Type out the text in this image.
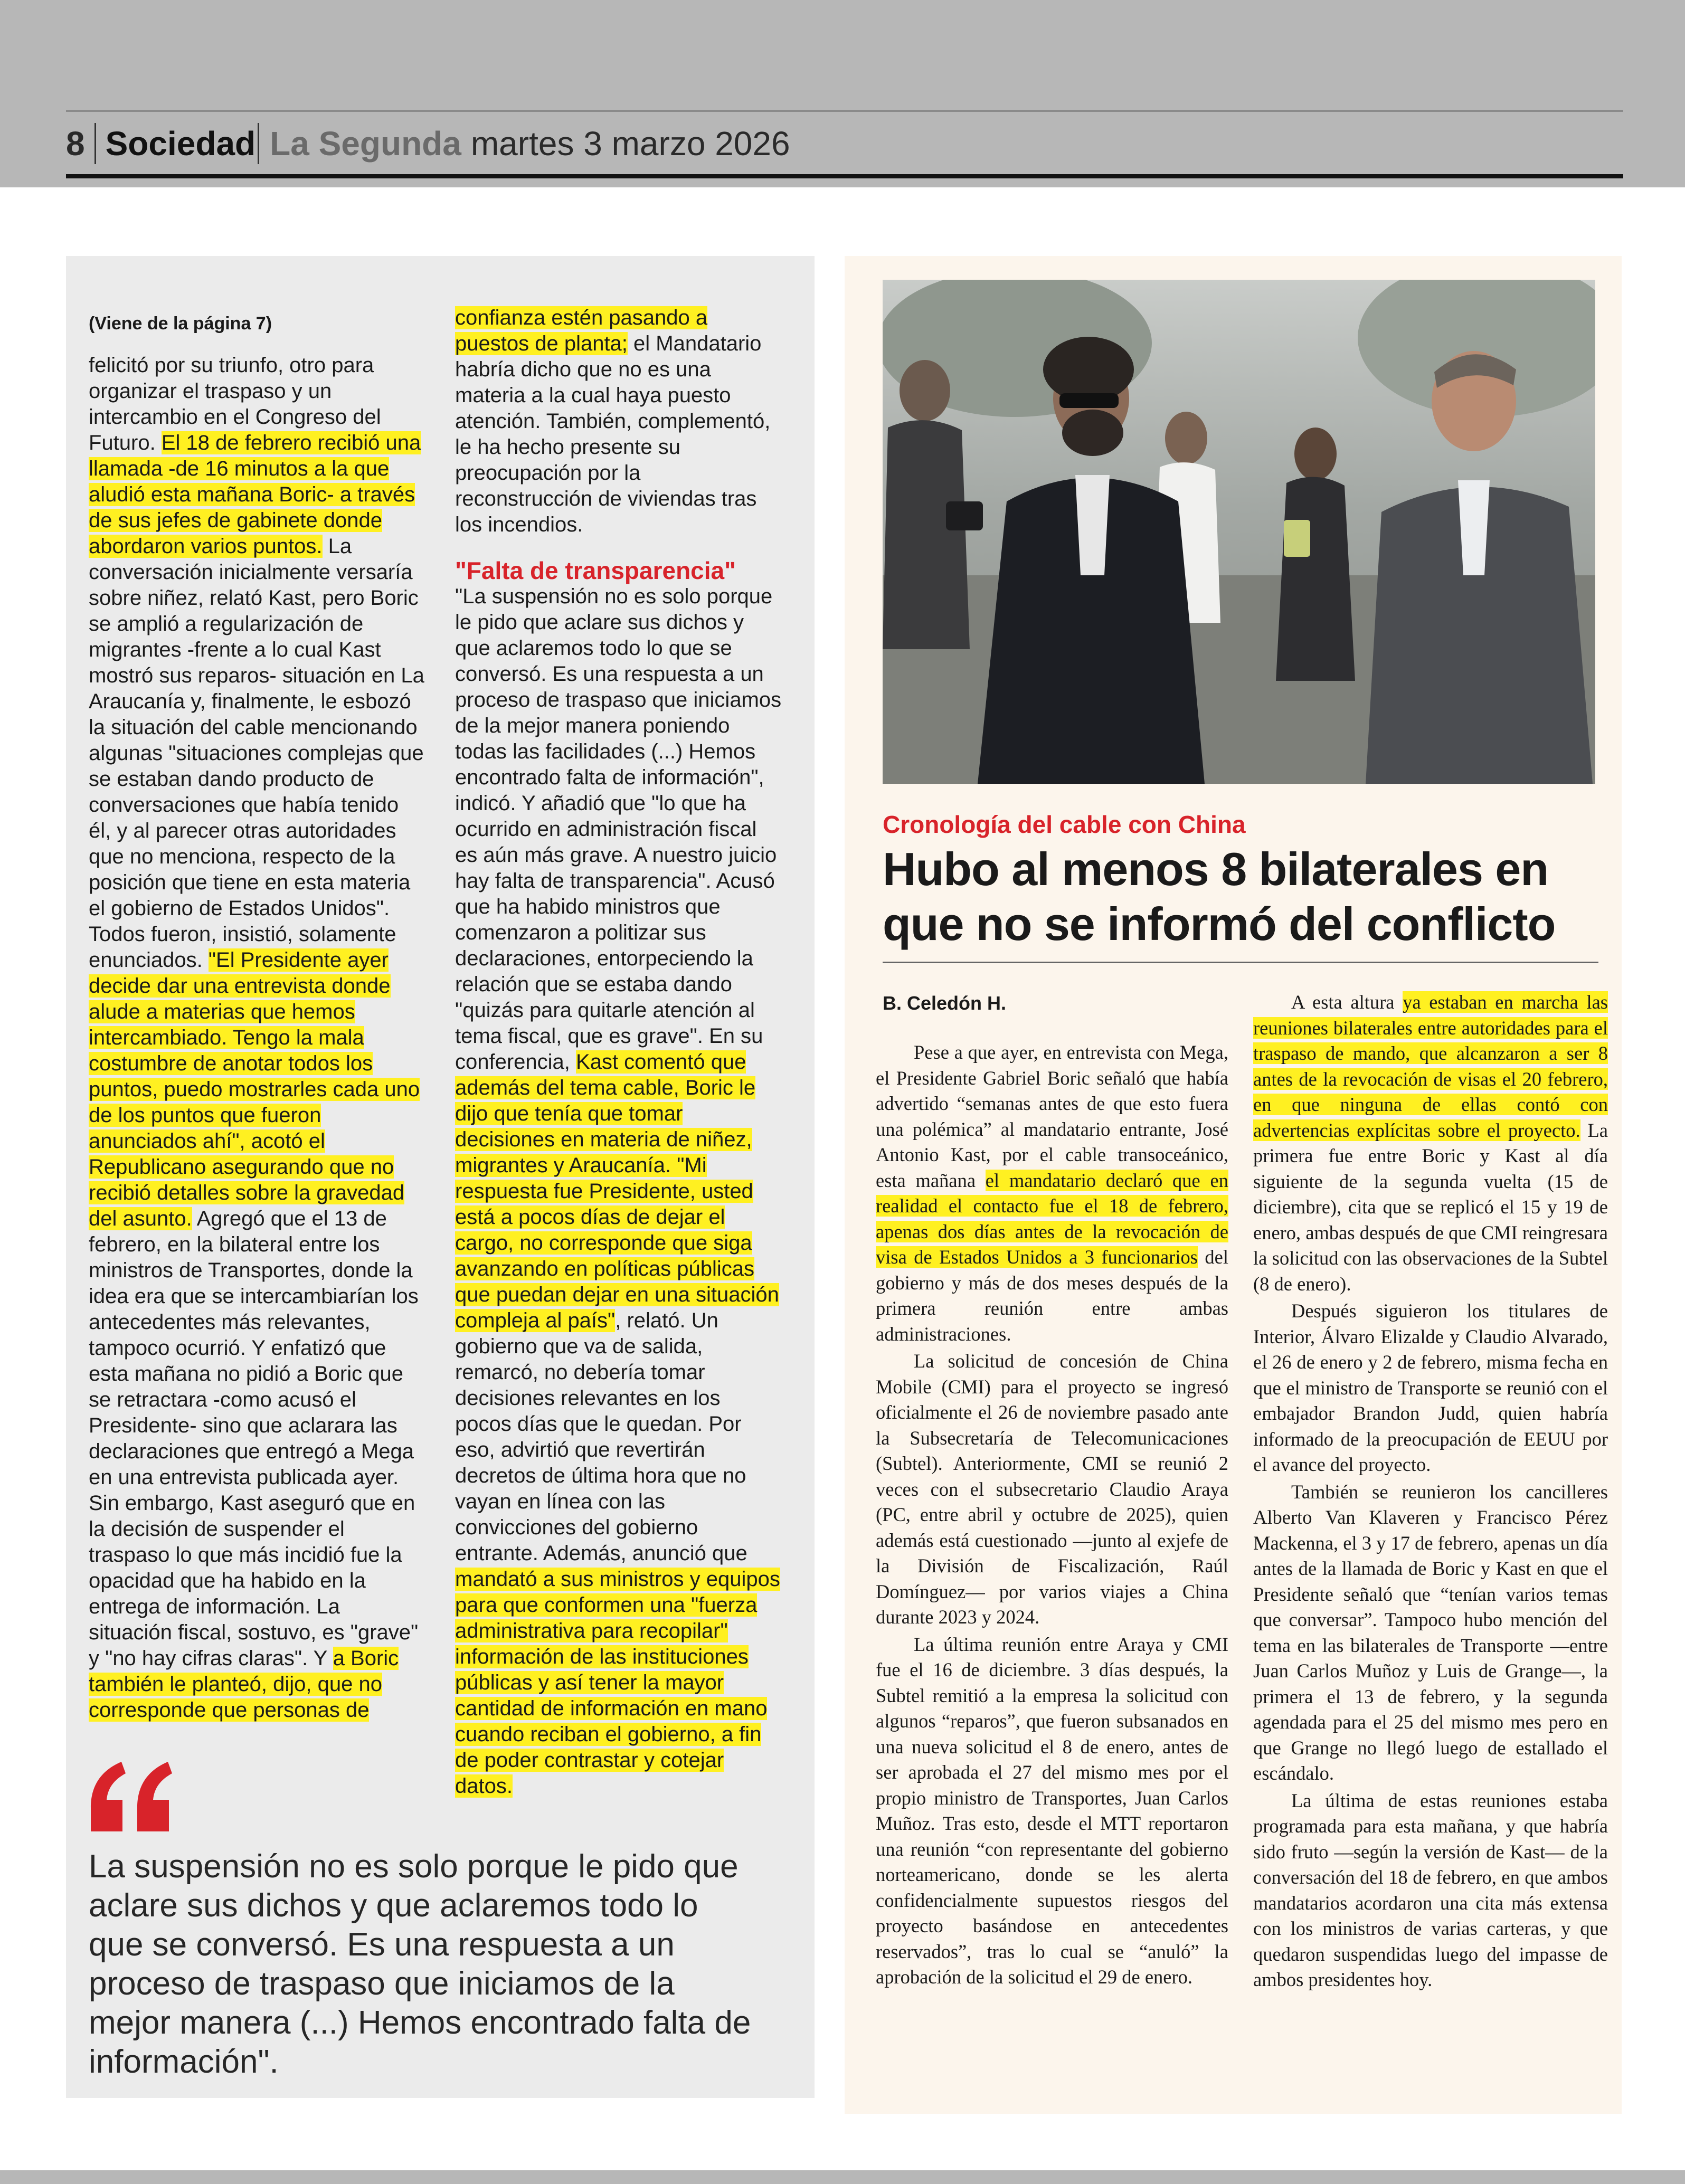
8 Sociedad La Segunda martes 3 marzo 2026

(Viene de la página 7)

felicitó por su triunfo, otro para organizar el traspaso y un intercambio en el Congreso del Futuro. El 18 de febrero recibió una llamada -de 16 minutos a la que aludió esta mañana Boric- a través de sus jefes de gabinete donde abordaron varios puntos. La conversación inicialmente versaría sobre niñez, relató Kast, pero Boric se amplió a regularización de migrantes -frente a lo cual Kast mostró sus reparos- situación en La Araucanía y, finalmente, le esbozó la situación del cable mencionando algunas "situaciones complejas que se estaban dando producto de conversaciones que había tenido él, y al parecer otras autoridades que no menciona, respecto de la posición que tiene en esta materia el gobierno de Estados Unidos". Todos fueron, insistió, solamente enunciados. "El Presidente ayer decide dar una entrevista donde alude a materias que hemos intercambiado. Tengo la mala costumbre de anotar todos los puntos, puedo mostrarles cada uno de los puntos que fueron anunciados ahí", acotó el Republicano asegurando que no recibió detalles sobre la gravedad del asunto. Agregó que el 13 de febrero, en la bilateral entre los ministros de Transportes, donde la idea era que se intercambiarían los antecedentes más relevantes, tampoco ocurrió. Y enfatizó que esta mañana no pidió a Boric que se retractara -como acusó el Presidente- sino que aclarara las declaraciones que entregó a Mega en una entrevista publicada ayer. Sin embargo, Kast aseguró que en la decisión de suspender el traspaso lo que más incidió fue la opacidad que ha habido en la entrega de información. La situación fiscal, sostuvo, es "grave" y "no hay cifras claras". Y a Boric también le planteó, dijo, que no corresponde que personas de

confianza estén pasando a puestos de planta; el Mandatario habría dicho que no es una materia a la cual haya puesto atención. También, complementó, le ha hecho presente su preocupación por la reconstrucción de viviendas tras los incendios.

"Falta de transparencia"

"La suspensión no es solo porque le pido que aclare sus dichos y que aclaremos todo lo que se conversó. Es una respuesta a un proceso de traspaso que iniciamos de la mejor manera poniendo todas las facilidades (...) Hemos encontrado falta de información", indicó. Y añadió que "lo que ha ocurrido en administración fiscal es aún más grave. A nuestro juicio hay falta de transparencia". Acusó que ha habido ministros que comenzaron a politizar sus declaraciones, entorpeciendo la relación que se estaba dando "quizás para quitarle atención al tema fiscal, que es grave". En su conferencia, Kast comentó que además del tema cable, Boric le dijo que tenía que tomar decisiones en materia de niñez, migrantes y Araucanía. "Mi respuesta fue Presidente, usted está a pocos días de dejar el cargo, no corresponde que siga avanzando en políticas públicas que puedan dejar en una situación compleja al país", relató. Un gobierno que va de salida, remarcó, no debería tomar decisiones relevantes en los pocos días que le quedan. Por eso, advirtió que revertirán decretos de última hora que no vayan en línea con las convicciones del gobierno entrante. Además, anunció que mandató a sus ministros y equipos para que conformen una "fuerza administrativa para recopilar" información de las instituciones públicas y así tener la mayor cantidad de información en mano cuando reciban el gobierno, a fin de poder contrastar y cotejar datos.

La suspensión no es solo porque le pido que aclare sus dichos y que aclaremos todo lo que se conversó. Es una respuesta a un proceso de traspaso que iniciamos de la mejor manera (...) Hemos encontrado falta de información".
Cronología del cable con China
Hubo al menos 8 bilaterales en que no se informó del conflicto
B. Celedón H.

Pese a que ayer, en entrevista con Mega, el Presidente Gabriel Boric señaló que había advertido “semanas antes de que esto fuera una polémica” al mandatario entrante, José Antonio Kast, por el cable transoceánico, esta mañana el mandatario declaró que en realidad el contacto fue el 18 de febrero, apenas dos días antes de la revocación de visa de Estados Unidos a 3 funcionarios del gobierno y más de dos meses después de la primera reunión entre ambas administraciones.

La solicitud de concesión de China Mobile (CMI) para el proyecto se ingresó oficialmente el 26 de noviembre pasado ante la Subsecretaría de Telecomunicaciones (Subtel). Anteriormente, CMI se reunió 2 veces con el subsecretario Claudio Araya (PC, entre abril y octubre de 2025), quien además está cuestionado —junto al exjefe de la División de Fiscalización, Raúl Domínguez— por varios viajes a China durante 2023 y 2024.

La última reunión entre Araya y CMI fue el 16 de diciembre. 3 días después, la Subtel remitió a la empresa la solicitud con algunos “reparos”, que fueron subsanados en una nueva solicitud el 8 de enero, antes de ser aprobada el 27 del mismo mes por el propio ministro de Transportes, Juan Carlos Muñoz. Tras esto, desde el MTT reportaron una reunión “con representante del gobierno norteamericano, donde se les alerta confidencialmente supuestos riesgos del proyecto basándose en antecedentes reservados”, tras lo cual se “anuló” la aprobación de la solicitud el 29 de enero.

A esta altura ya estaban en marcha las reuniones bilaterales entre autoridades para el traspaso de mando, que alcanzaron a ser 8 antes de la revocación de visas el 20 febrero, en que ninguna de ellas contó con advertencias explícitas sobre el proyecto. La primera fue entre Boric y Kast al día siguiente de la segunda vuelta (15 de diciembre), cita que se replicó el 15 y 19 de enero, ambas después de que CMI reingresara la solicitud con las observaciones de la Subtel (8 de enero).

Después siguieron los titulares de Interior, Álvaro Elizalde y Claudio Alvarado, el 26 de enero y 2 de febrero, misma fecha en que el ministro de Transporte se reunió con el embajador Brandon Judd, quien habría informado de la preocupación de EEUU por el avance del proyecto.

También se reunieron los cancilleres Alberto Van Klaveren y Francisco Pérez Mackenna, el 3 y 17 de febrero, apenas un día antes de la llamada de Boric y Kast en que el Presidente señaló que “tenían varios temas que conversar”. Tampoco hubo mención del tema en las bilaterales de Transporte —entre Juan Carlos Muñoz y Luis de Grange—, la primera el 13 de febrero, y la segunda agendada para el 25 del mismo mes pero en que Grange no llegó luego de estallado el escándalo.

La última de estas reuniones estaba programada para esta mañana, y que habría sido fruto —según la versión de Kast— de la conversación del 18 de febrero, en que ambos mandatarios acordaron una cita más extensa con los ministros de varias carteras, y que quedaron suspendidas luego del impasse de ambos presidentes hoy.
